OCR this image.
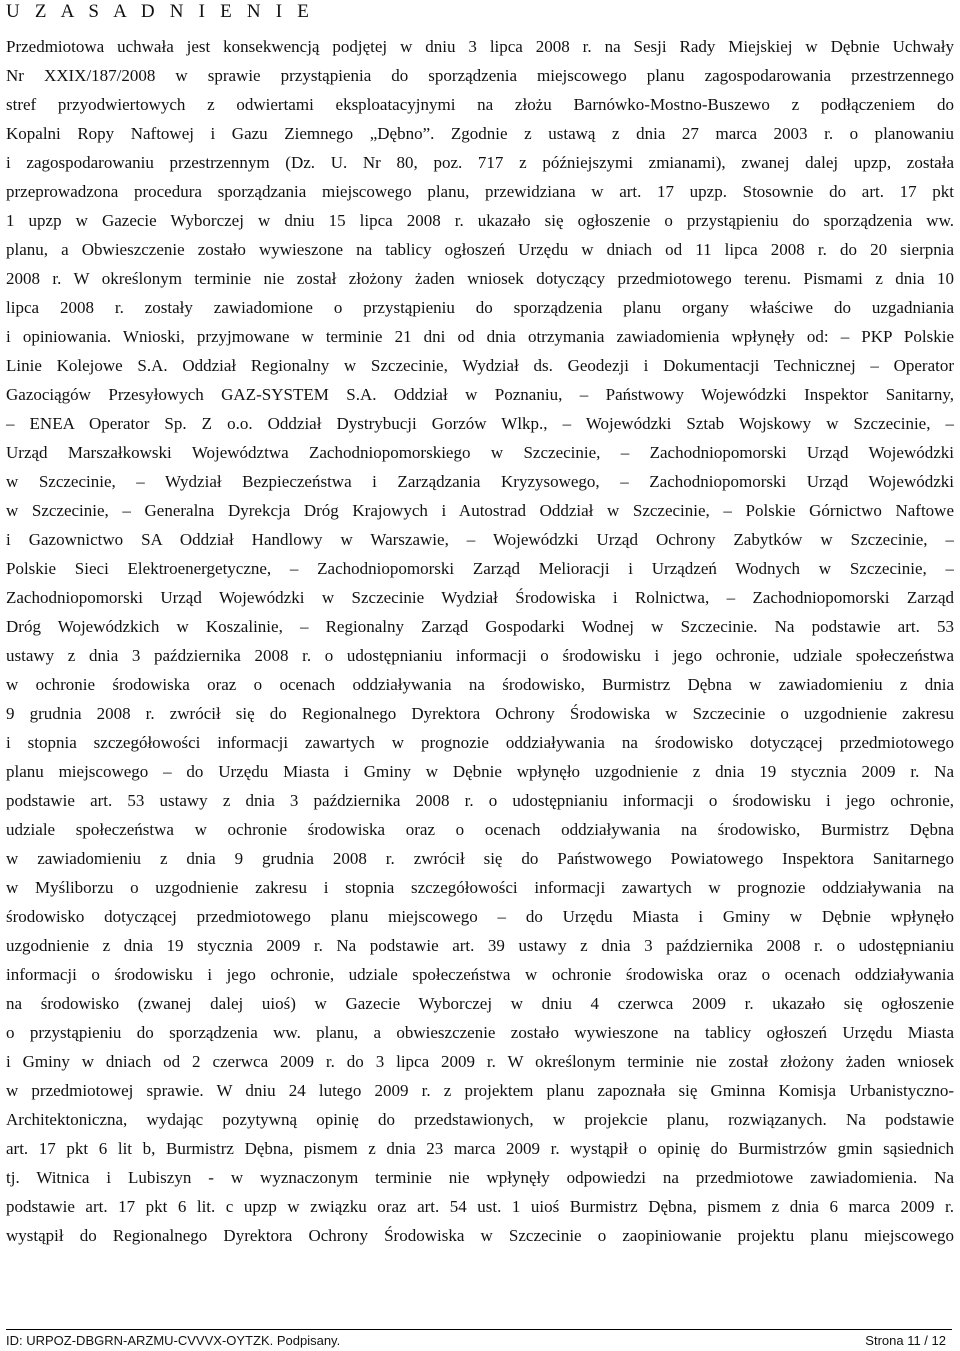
U Z A S A D N I E N I E
Przedmiotowa uchwała jest konsekwencją podjętej w dniu 3 lipca 2008 r. na Sesji Rady Miejskiej w Dębnie Uchwały
Nr XXIX/187/2008 w sprawie przystąpienia do sporządzenia miejscowego planu zagospodarowania przestrzennego
stref przyodwiertowych z odwiertami eksploatacyjnymi na złożu Barnówko-Mostno-Buszewo z podłączeniem do
Kopalni Ropy Naftowej i Gazu Ziemnego „Dębno”. Zgodnie z ustawą z dnia 27 marca 2003 r. o planowaniu
i zagospodarowaniu przestrzennym (Dz. U. Nr 80, poz. 717 z późniejszymi zmianami), zwanej dalej upzp, została
przeprowadzona procedura sporządzania miejscowego planu, przewidziana w art. 17 upzp. Stosownie do art. 17 pkt
1 upzp w Gazecie Wyborczej w dniu 15 lipca 2008 r. ukazało się ogłoszenie o przystąpieniu do sporządzenia ww.
planu, a Obwieszczenie zostało wywieszone na tablicy ogłoszeń Urzędu w dniach od 11 lipca 2008 r. do 20 sierpnia
2008 r. W określonym terminie nie został złożony żaden wniosek dotyczący przedmiotowego terenu. Pismami z dnia 10
lipca 2008 r. zostały zawiadomione o przystąpieniu do sporządzenia planu organy właściwe do uzgadniania
i opiniowania. Wnioski, przyjmowane w terminie 21 dni od dnia otrzymania zawiadomienia wpłynęły od: – PKP Polskie
Linie Kolejowe S.A. Oddział Regionalny w Szczecinie, Wydział ds. Geodezji i Dokumentacji Technicznej – Operator
Gazociągów Przesyłowych GAZ-SYSTEM S.A. Oddział w Poznaniu, – Państwowy Wojewódzki Inspektor Sanitarny,
– ENEA Operator Sp. Z o.o. Oddział Dystrybucji Gorzów Wlkp., – Wojewódzki Sztab Wojskowy w Szczecinie, –
Urząd Marszałkowski Województwa Zachodniopomorskiego w Szczecinie, – Zachodniopomorski Urząd Wojewódzki
w Szczecinie, – Wydział Bezpieczeństwa i Zarządzania Kryzysowego, – Zachodniopomorski Urząd Wojewódzki
w Szczecinie, – Generalna Dyrekcja Dróg Krajowych i Autostrad Oddział w Szczecinie, – Polskie Górnictwo Naftowe
i Gazownictwo SA Oddział Handlowy w Warszawie, – Wojewódzki Urząd Ochrony Zabytków w Szczecinie, –
Polskie Sieci Elektroenergetyczne, – Zachodniopomorski Zarząd Melioracji i Urządzeń Wodnych w Szczecinie, –
Zachodniopomorski Urząd Wojewódzki w Szczecinie Wydział Środowiska i Rolnictwa, – Zachodniopomorski Zarząd
Dróg Wojewódzkich w Koszalinie, – Regionalny Zarząd Gospodarki Wodnej w Szczecinie. Na podstawie art. 53
ustawy z dnia 3 października 2008 r. o udostępnianiu informacji o środowisku i jego ochronie, udziale społeczeństwa
w ochronie środowiska oraz o ocenach oddziaływania na środowisko, Burmistrz Dębna w zawiadomieniu z dnia
9 grudnia 2008 r. zwrócił się do Regionalnego Dyrektora Ochrony Środowiska w Szczecinie o uzgodnienie zakresu
i stopnia szczegółowości informacji zawartych w prognozie oddziaływania na środowisko dotyczącej przedmiotowego
planu miejscowego – do Urzędu Miasta i Gminy w Dębnie wpłynęło uzgodnienie z dnia 19 stycznia 2009 r. Na
podstawie art. 53 ustawy z dnia 3 października 2008 r. o udostępnianiu informacji o środowisku i jego ochronie,
udziale społeczeństwa w ochronie środowiska oraz o ocenach oddziaływania na środowisko, Burmistrz Dębna
w zawiadomieniu z dnia 9 grudnia 2008 r. zwrócił się do Państwowego Powiatowego Inspektora Sanitarnego
w Myśliborzu o uzgodnienie zakresu i stopnia szczegółowości informacji zawartych w prognozie oddziaływania na
środowisko dotyczącej przedmiotowego planu miejscowego – do Urzędu Miasta i Gminy w Dębnie wpłynęło
uzgodnienie z dnia 19 stycznia 2009 r. Na podstawie art. 39 ustawy z dnia 3 października 2008 r. o udostępnianiu
informacji o środowisku i jego ochronie, udziale społeczeństwa w ochronie środowiska oraz o ocenach oddziaływania
na środowisko (zwanej dalej uioś) w Gazecie Wyborczej w dniu 4 czerwca 2009 r. ukazało się ogłoszenie
o przystąpieniu do sporządzenia ww. planu, a obwieszczenie zostało wywieszone na tablicy ogłoszeń Urzędu Miasta
i Gminy w dniach od 2 czerwca 2009 r. do 3 lipca 2009 r. W określonym terminie nie został złożony żaden wniosek
w przedmiotowej sprawie. W dniu 24 lutego 2009 r. z projektem planu zapoznała się Gminna Komisja Urbanistyczno-
Architektoniczna, wydając pozytywną opinię do przedstawionych, w projekcie planu, rozwiązanych. Na podstawie
art. 17 pkt 6 lit b, Burmistrz Dębna, pismem z dnia 23 marca 2009 r. wystąpił o opinię do Burmistrzów gmin sąsiednich
tj. Witnica i Lubiszyn - w wyznaczonym terminie nie wpłynęły odpowiedzi na przedmiotowe zawiadomienia. Na
podstawie art. 17 pkt 6 lit. c upzp w związku oraz art. 54 ust. 1 uioś Burmistrz Dębna, pismem z dnia 6 marca 2009 r.
wystąpił do Regionalnego Dyrektora Ochrony Środowiska w Szczecinie o zaopiniowanie projektu planu miejscowego
ID: URPOZ-DBGRN-ARZMU-CVVVX-OYTZK. Podpisany.	Strona 11 / 12
